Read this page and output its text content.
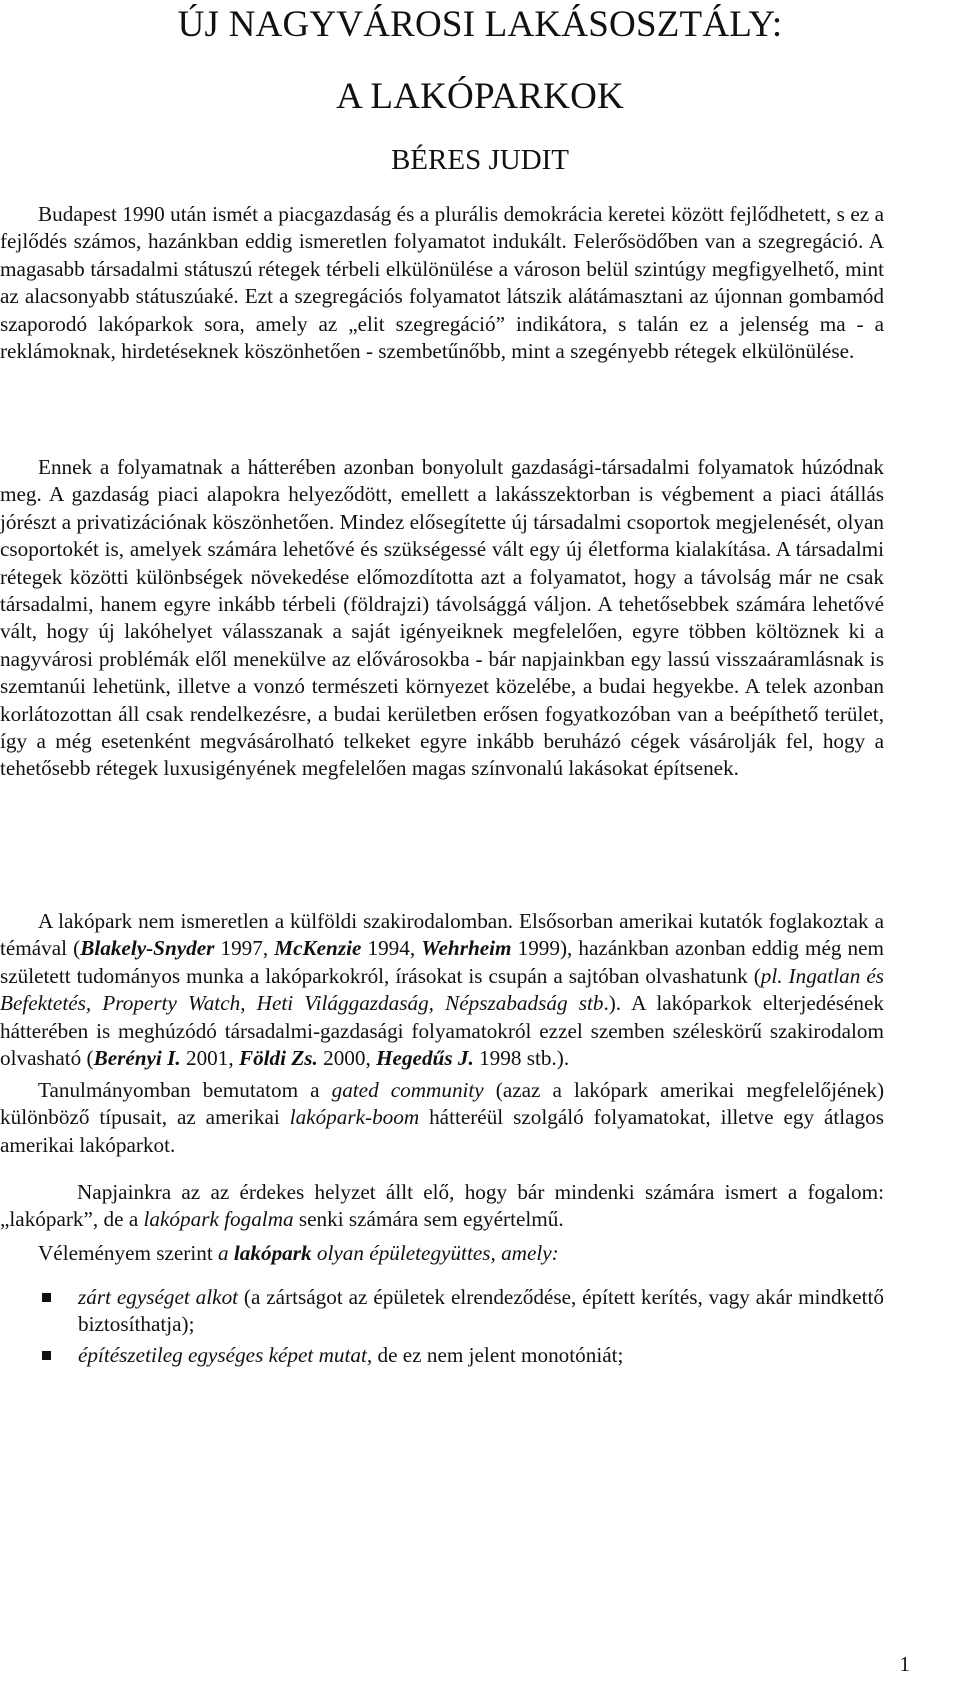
ÚJ NAGYVÁROSI LAKÁSOSZTÁLY:
A LAKÓPARKOK
BÉRES JUDIT

Budapest 1990 után ismét a piacgazdaság és a plurális demokrácia keretei között fejlődhetett, s ez a fejlődés számos, hazánkban eddig ismeretlen folyamatot indukált. Felerősödőben van a szegregáció. A magasabb társadalmi státuszú rétegek térbeli elkülönülése a városon belül szintúgy megfigyelhető, mint az alacsonyabb státuszúaké. Ezt a szegregációs folyamatot látszik alátámasztani az újonnan gombamód szaporodó lakóparkok sora, amely az „elit szegregáció” indikátora, s talán ez a jelenség ma - a reklámoknak, hirdetéseknek köszönhetően - szembetűnőbb, mint a szegényebb rétegek elkülönülése.

Ennek a folyamatnak a hátterében azonban bonyolult gazdasági-társadalmi folyamatok húzódnak meg. A gazdaság piaci alapokra helyeződött, emellett a lakásszektorban is végbement a piaci átállás jórészt a privatizációnak köszönhetően. Mindez elősegítette új társadalmi csoportok megjelenését, olyan csoportokét is, amelyek számára lehetővé és szükségessé vált egy új életforma kialakítása. A társadalmi rétegek közötti különbségek növekedése előmozdította azt a folyamatot, hogy a távolság már ne csak társadalmi, hanem egyre inkább térbeli (földrajzi) távolsággá váljon. A tehetősebbek számára lehetővé vált, hogy új lakóhelyet válasszanak a saját igényeiknek megfelelően, egyre többen költöznek ki a nagyvárosi problémák elől menekülve az elővárosokba - bár napjainkban egy lassú visszaáramlásnak is szemtanúi lehetünk, illetve a vonzó természeti környezet közelébe, a budai hegyekbe. A telek azonban korlátozottan áll csak rendelkezésre, a budai kerületben erősen fogyatkozóban van a beépíthető terület, így a még esetenként megvásárolható telkeket egyre inkább beruházó cégek vásárolják fel, hogy a tehetősebb rétegek luxusigényének megfelelően magas színvonalú lakásokat építsenek.

A lakópark nem ismeretlen a külföldi szakirodalomban. Elsősorban amerikai kutatók foglakoztak a témával (Blakely-Snyder 1997, McKenzie 1994, Wehrheim 1999), hazánkban azonban eddig még nem született tudományos munka a lakóparkokról, írásokat is csupán a sajtóban olvashatunk (pl. Ingatlan és Befektetés, Property Watch, Heti Világgazdaság, Népszabadság stb.). A lakóparkok elterjedésének hátterében is meghúzódó társadalmi-gazdasági folyamatokról ezzel szemben széleskörű szakirodalom olvasható (Berényi I. 2001, Földi Zs. 2000, Hegedűs J. 1998 stb.).

Tanulmányomban bemutatom a gated community (azaz a lakópark amerikai megfelelőjének) különböző típusait, az amerikai lakópark-boom hátteréül szolgáló folyamatokat, illetve egy átlagos amerikai lakóparkot.

Napjainkra az az érdekes helyzet állt elő, hogy bár mindenki számára ismert a fogalom: „lakópark”, de a lakópark fogalma senki számára sem egyértelmű.

Véleményem szerint a lakópark olyan épületegyüttes, amely:

zárt egységet alkot (a zártságot az épületek elrendeződése, épített kerítés, vagy akár mindkettő biztosíthatja);
építészetileg egységes képet mutat, de ez nem jelent monotóniát;
1
